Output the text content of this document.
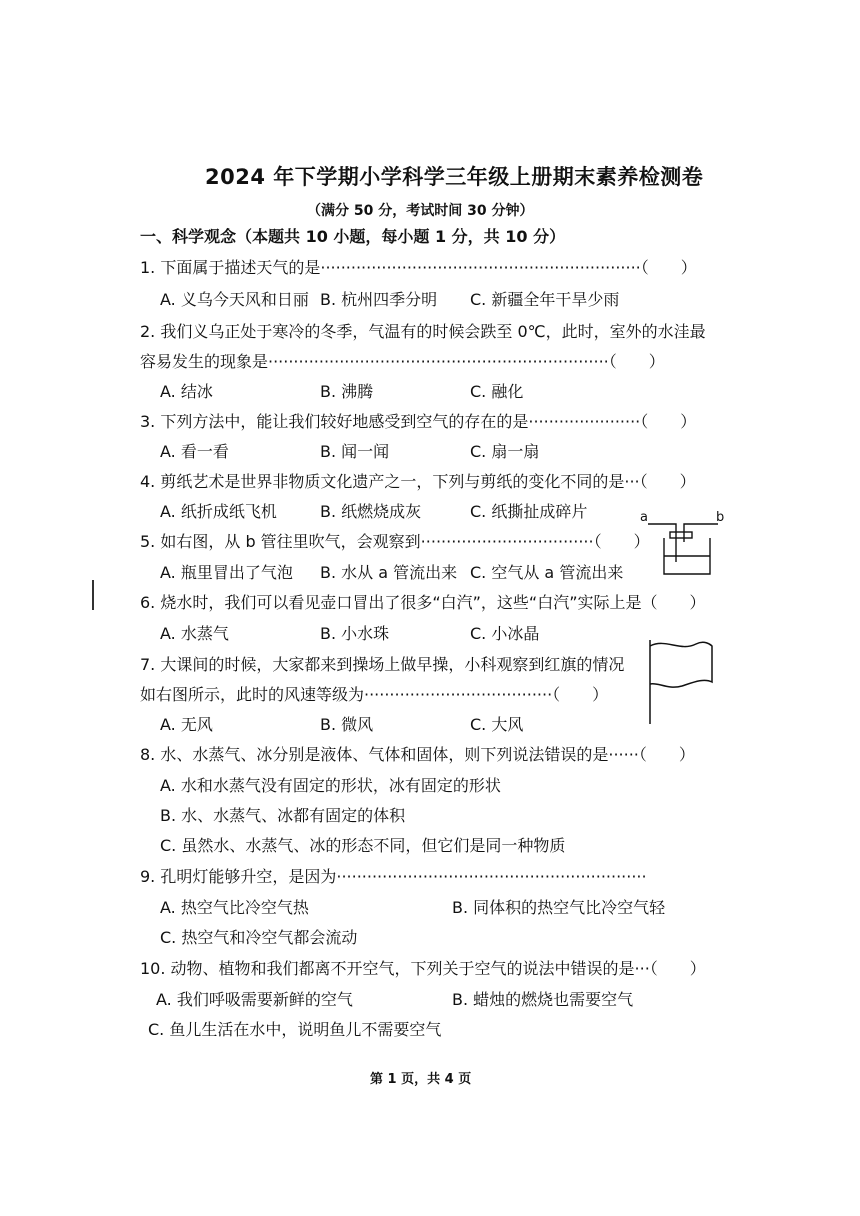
2024 年下学期小学科学三年级上册期末素养检测卷
（满分 50 分，考试时间 30 分钟）
一、科学观念（本题共 10 小题，每小题 1 分，共 10 分）
1. 下面属于描述天气的是·······························································（　　）
A. 义乌今天风和日丽 B. 杭州四季分明 C. 新疆全年干旱少雨
2. 我们义乌正处于寒冷的冬季，气温有的时候会跌至 0℃，此时，室外的水洼最
容易发生的现象是···································································（　　）
A. 结冰	B. 沸腾	C. 融化
3. 下列方法中，能让我们较好地感受到空气的存在的是······················（　　）
A. 看一看	B. 闻一闻	C. 扇一扇
4. 剪纸艺术是世界非物质文化遗产之一，下列与剪纸的变化不同的是···（　　）
A. 纸折成纸飞机	B. 纸燃烧成灰	C. 纸撕扯成碎片
5. 如右图，从 b 管往里吹气，会观察到··································（　　）
A. 瓶里冒出了气泡 B. 水从 a 管流出来 C. 空气从 a 管流出来
a	b
6. 烧水时，我们可以看见壶口冒出了很多“白汽”，这些“白汽”实际上是（　　）
A. 水蒸气	B. 小水珠	C. 小冰晶
7. 大课间的时候，大家都来到操场上做早操，小科观察到红旗的情况
如右图所示，此时的风速等级为·····································（　　）
A. 无风	B. 微风	C. 大风
8. 水、水蒸气、冰分别是液体、气体和固体，则下列说法错误的是······（　　）
A. 水和水蒸气没有固定的形状，冰有固定的形状
B. 水、水蒸气、冰都有固定的体积
C. 虽然水、水蒸气、冰的形态不同，但它们是同一种物质
9. 孔明灯能够升空，是因为·····························································
A. 热空气比冷空气热	B. 同体积的热空气比冷空气轻
C. 热空气和冷空气都会流动
10. 动物、植物和我们都离不开空气，下列关于空气的说法中错误的是···（　　）
A. 我们呼吸需要新鲜的空气	B. 蜡烛的燃烧也需要空气
C. 鱼儿生活在水中，说明鱼儿不需要空气
第 1 页，共 4 页
